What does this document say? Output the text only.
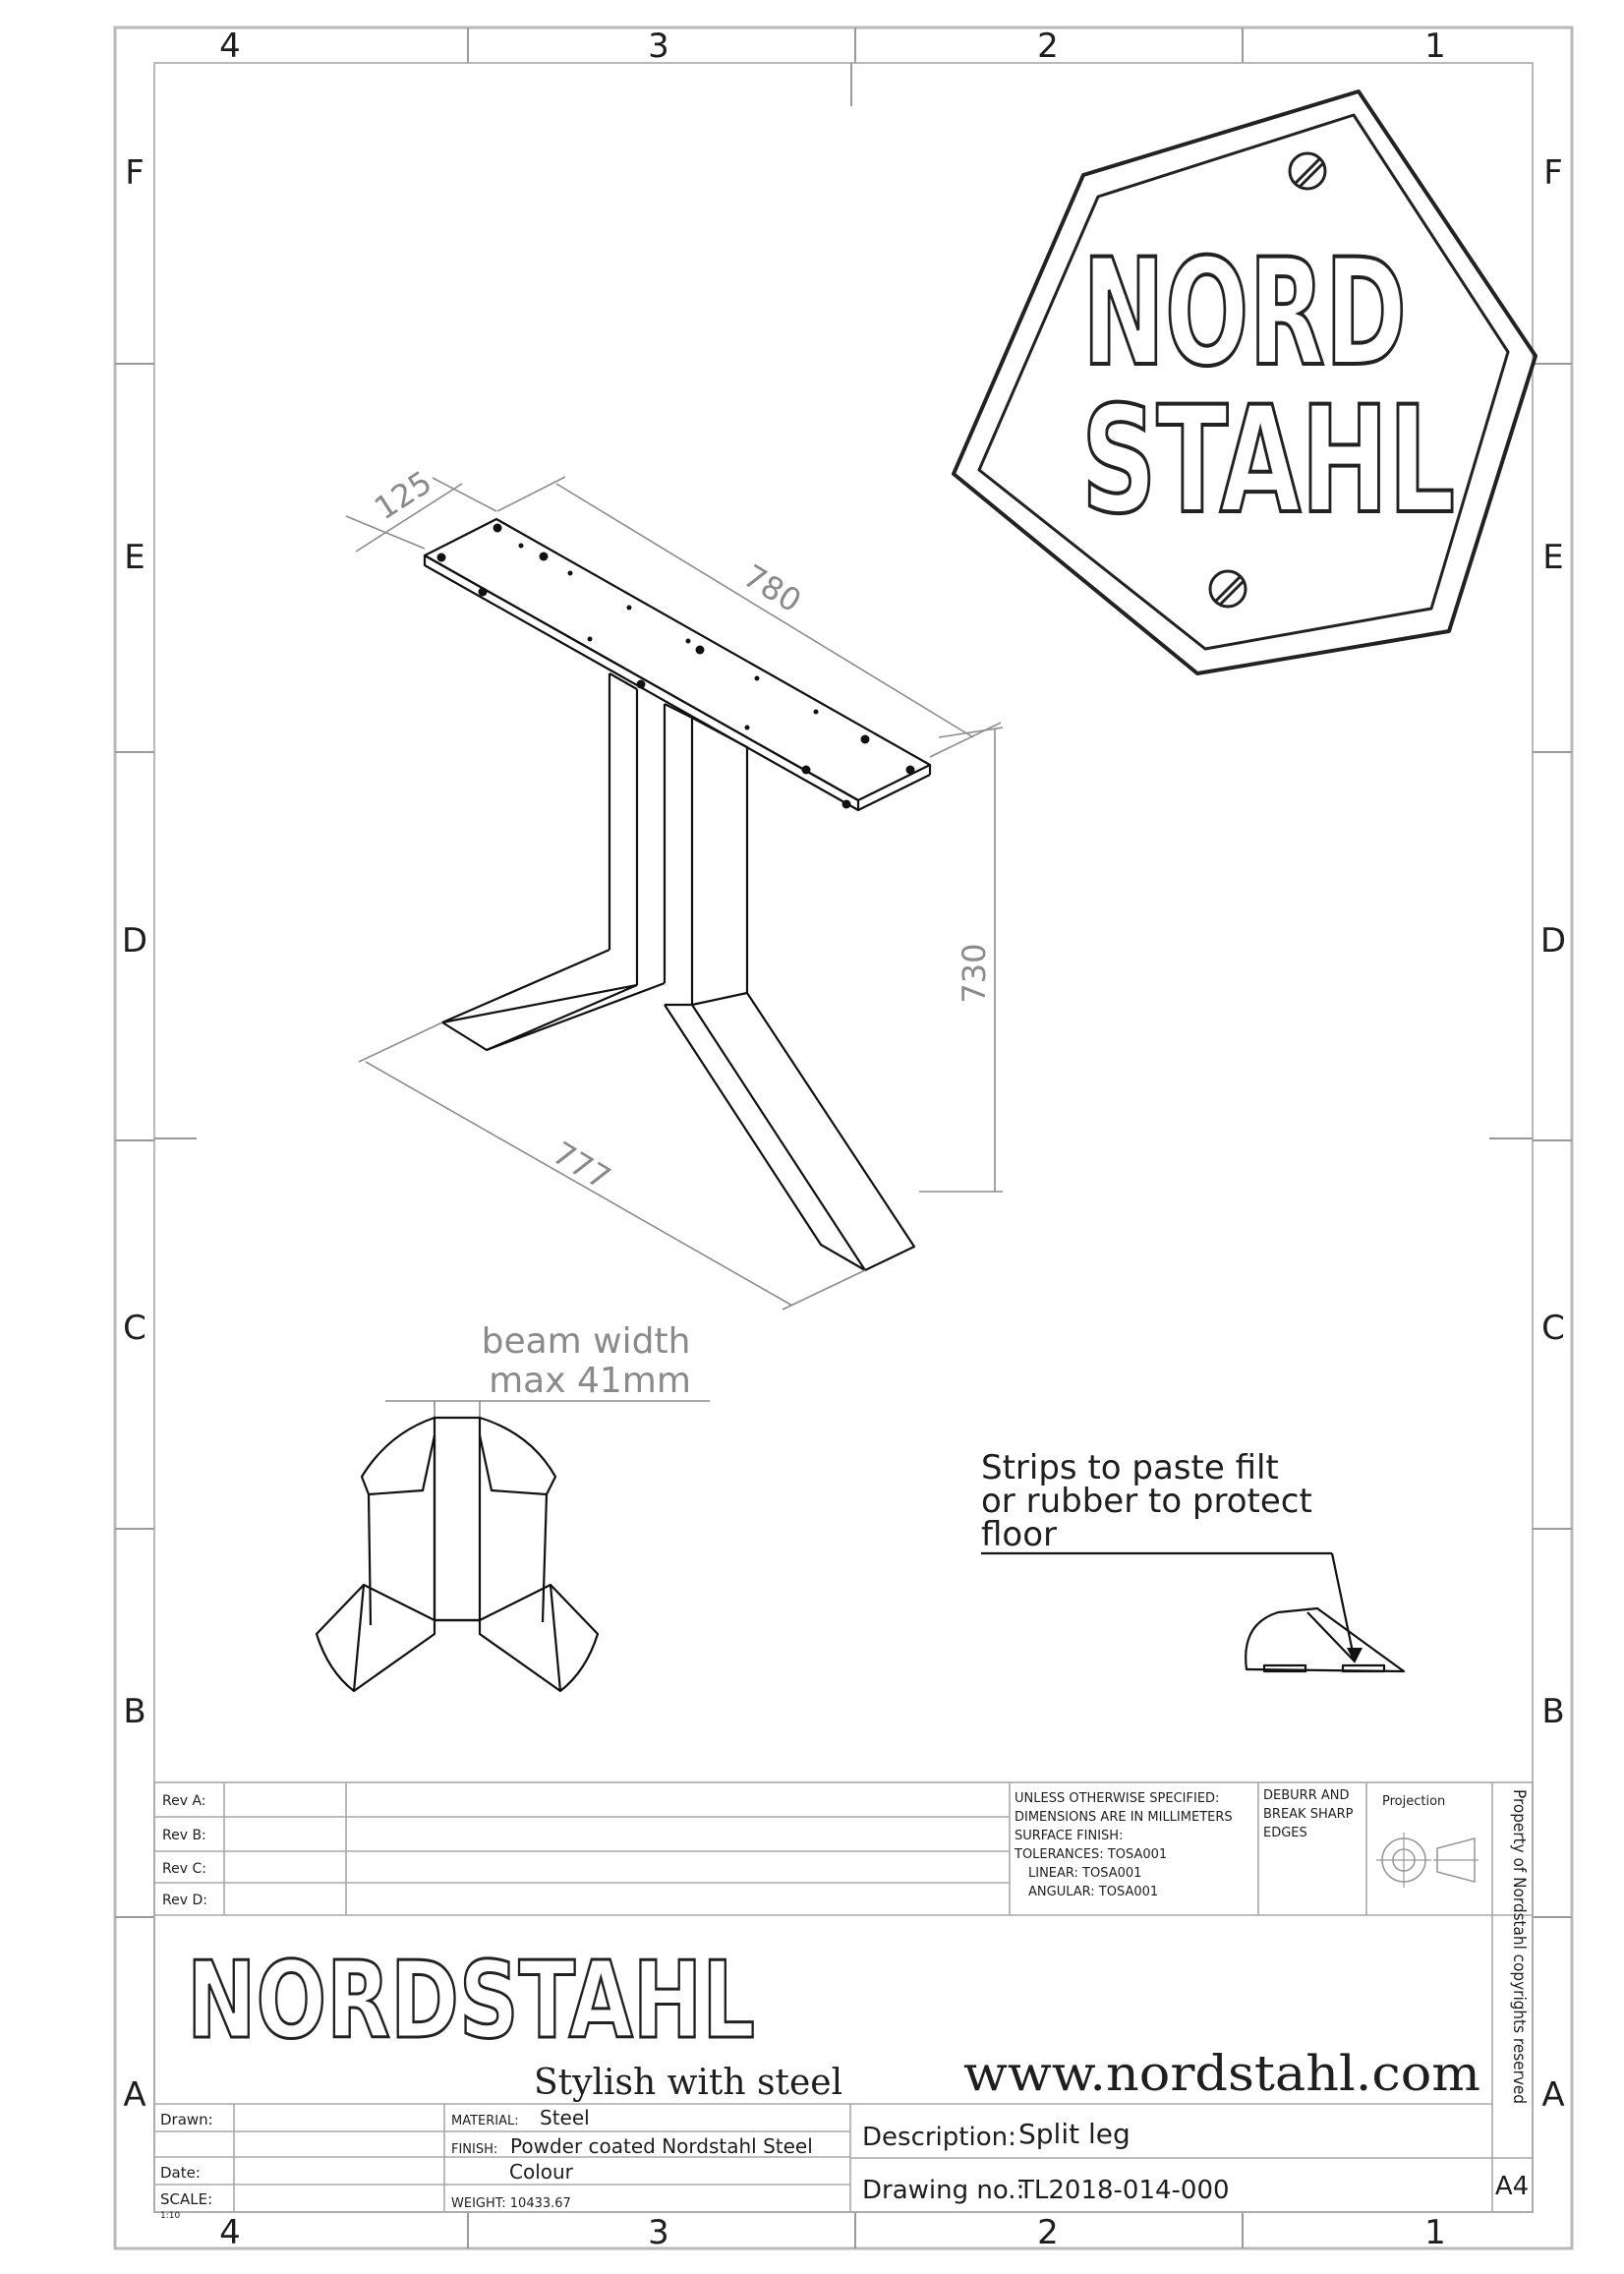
4	3	2	1
4	3	2	1
F
E
D
C
B
A
F
E
D
C
B
A
NORD
STAHL
125
780
730
777
beam width
max 41mm
Strips to paste filt
or rubber to protect
floor
Rev A:
Rev B:
Rev C:
Rev D:
UNLESS OTHERWISE SPECIFIED:
DIMENSIONS ARE IN MILLIMETERS
SURFACE FINISH:
TOLERANCES: TOSA001
LINEAR: TOSA001
ANGULAR: TOSA001
DEBURR AND
BREAK SHARP
EDGES
Projection	Property of Nordstahl copyrights reserved
NORDSTAHL
Stylish with steel www.nordstahl.com
Drawn:
Date:
SCALE:
1:10
MATERIAL: Steel
FINISH: Powder coated Nordstahl Steel
Colour
WEIGHT: 10433.67
Description: Split leg
Drawing no.:
TL2018-014-000	A4
